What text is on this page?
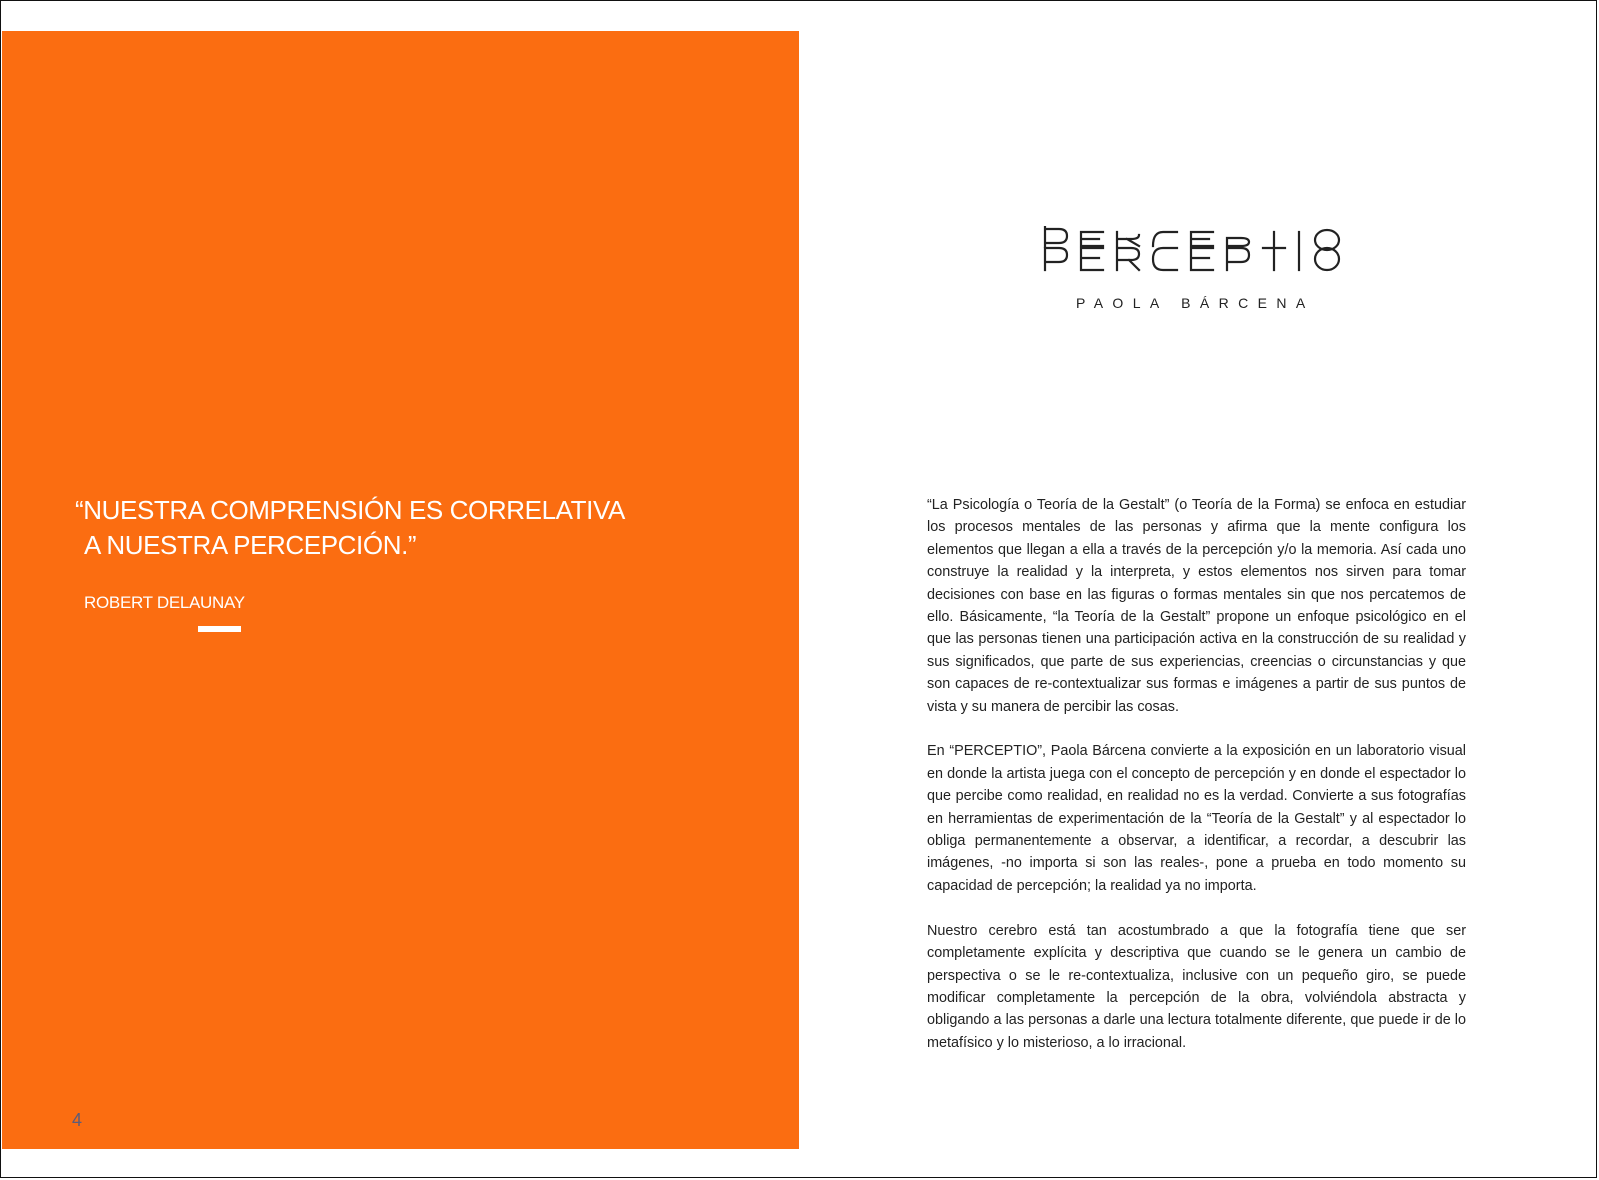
“NUESTRA COMPRENSIÓN ES CORRELATIVA
A NUESTRA PERCEPCIÓN.”
ROBERT DELAUNAY
4
PAOLA BÁRCENA

“La Psicología o Teoría de la Gestalt” (o Teoría de la Forma) se enfoca en estudiar los procesos mentales de las personas y afirma que la mente configura los elementos que llegan a ella a través de la percepción y/o la memoria. Así cada uno construye la realidad y la interpreta, y estos elementos nos sirven para tomar decisiones con base en las figuras o formas mentales sin que nos percatemos de ello. Básicamente, “la Teoría de la Gestalt” propone un enfoque psicológico en el que las personas tienen una participación activa en la construcción de su realidad y sus significados, que parte de sus experiencias, creencias o circunstancias y que son capaces de re-contextualizar sus formas e imágenes a partir de sus puntos de vista y su manera de percibir las cosas.

En “PERCEPTIO”, Paola Bárcena convierte a la exposición en un laboratorio visual en donde la artista juega con el concepto de percepción y en donde el espectador lo que percibe como realidad, en realidad no es la verdad. Convierte a sus fotografías en herramientas de experimentación de la “Teoría de la Gestalt” y al espectador lo obliga permanentemente a observar, a identificar, a recordar, a descubrir las imágenes, -no importa si son las reales-, pone a prueba en todo momento su capacidad de percepción; la realidad ya no importa.

Nuestro cerebro está tan acostumbrado a que la fotografía tiene que ser completamente explícita y descriptiva que cuando se le genera un cambio de perspectiva o se le re-contextualiza, inclusive con un pequeño giro, se puede modificar completamente la percepción de la obra, volviéndola abstracta y obligando a las personas a darle una lectura totalmente diferente, que puede ir de lo metafísico y lo misterioso, a lo irracional.
